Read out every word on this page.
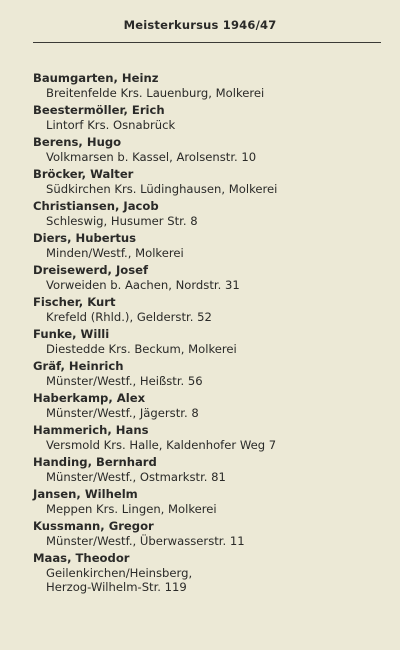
Meisterkursus 1946/47
Baumgarten, Heinz
Breitenfelde Krs. Lauenburg, Molkerei
Beestermöller, Erich
Lintorf Krs. Osnabrück
Berens, Hugo
Volkmarsen b. Kassel, Arolsenstr. 10
Bröcker, Walter
Südkirchen Krs. Lüdinghausen, Molkerei
Christiansen, Jacob
Schleswig, Husumer Str. 8
Diers, Hubertus
Minden/Westf., Molkerei
Dreisewerd, Josef
Vorweiden b. Aachen, Nordstr. 31
Fischer, Kurt
Krefeld (Rhld.), Gelderstr. 52
Funke, Willi
Diestedde Krs. Beckum, Molkerei
Gräf, Heinrich
Münster/Westf., Heißstr. 56
Haberkamp, Alex
Münster/Westf., Jägerstr. 8
Hammerich, Hans
Versmold Krs. Halle, Kaldenhofer Weg 7
Handing, Bernhard
Münster/Westf., Ostmarkstr. 81
Jansen, Wilhelm
Meppen Krs. Lingen, Molkerei
Kussmann, Gregor
Münster/Westf., Überwasserstr. 11
Maas, Theodor
Geilenkirchen/Heinsberg,
Herzog-Wilhelm-Str. 119
